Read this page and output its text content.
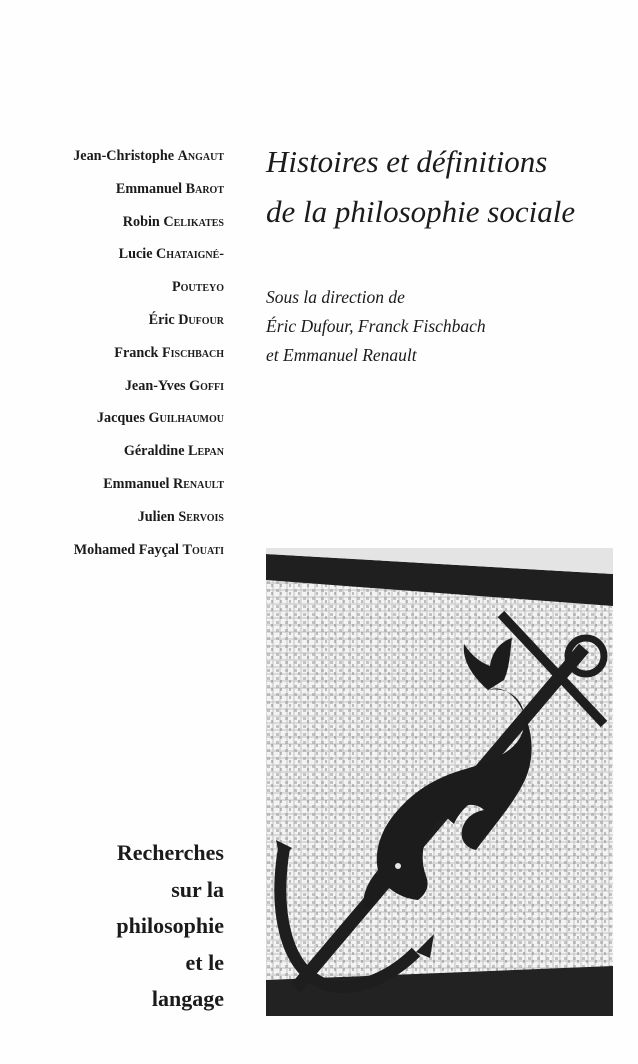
Jean-Christophe Angaut
Emmanuel Barot
Robin Celikates
Lucie Chataigné-
Pouteyo
Éric Dufour
Franck Fischbach
Jean-Yves Goffi
Jacques Guilhaumou
Géraldine Lepan
Emmanuel Renault
Julien Servois
Mohamed Fayçal Touati
Histoires et définitions
de la philosophie sociale
Sous la direction de
Éric Dufour, Franck Fischbach
et Emmanuel Renault
Recherches
sur la
philosophie
et le
langage
